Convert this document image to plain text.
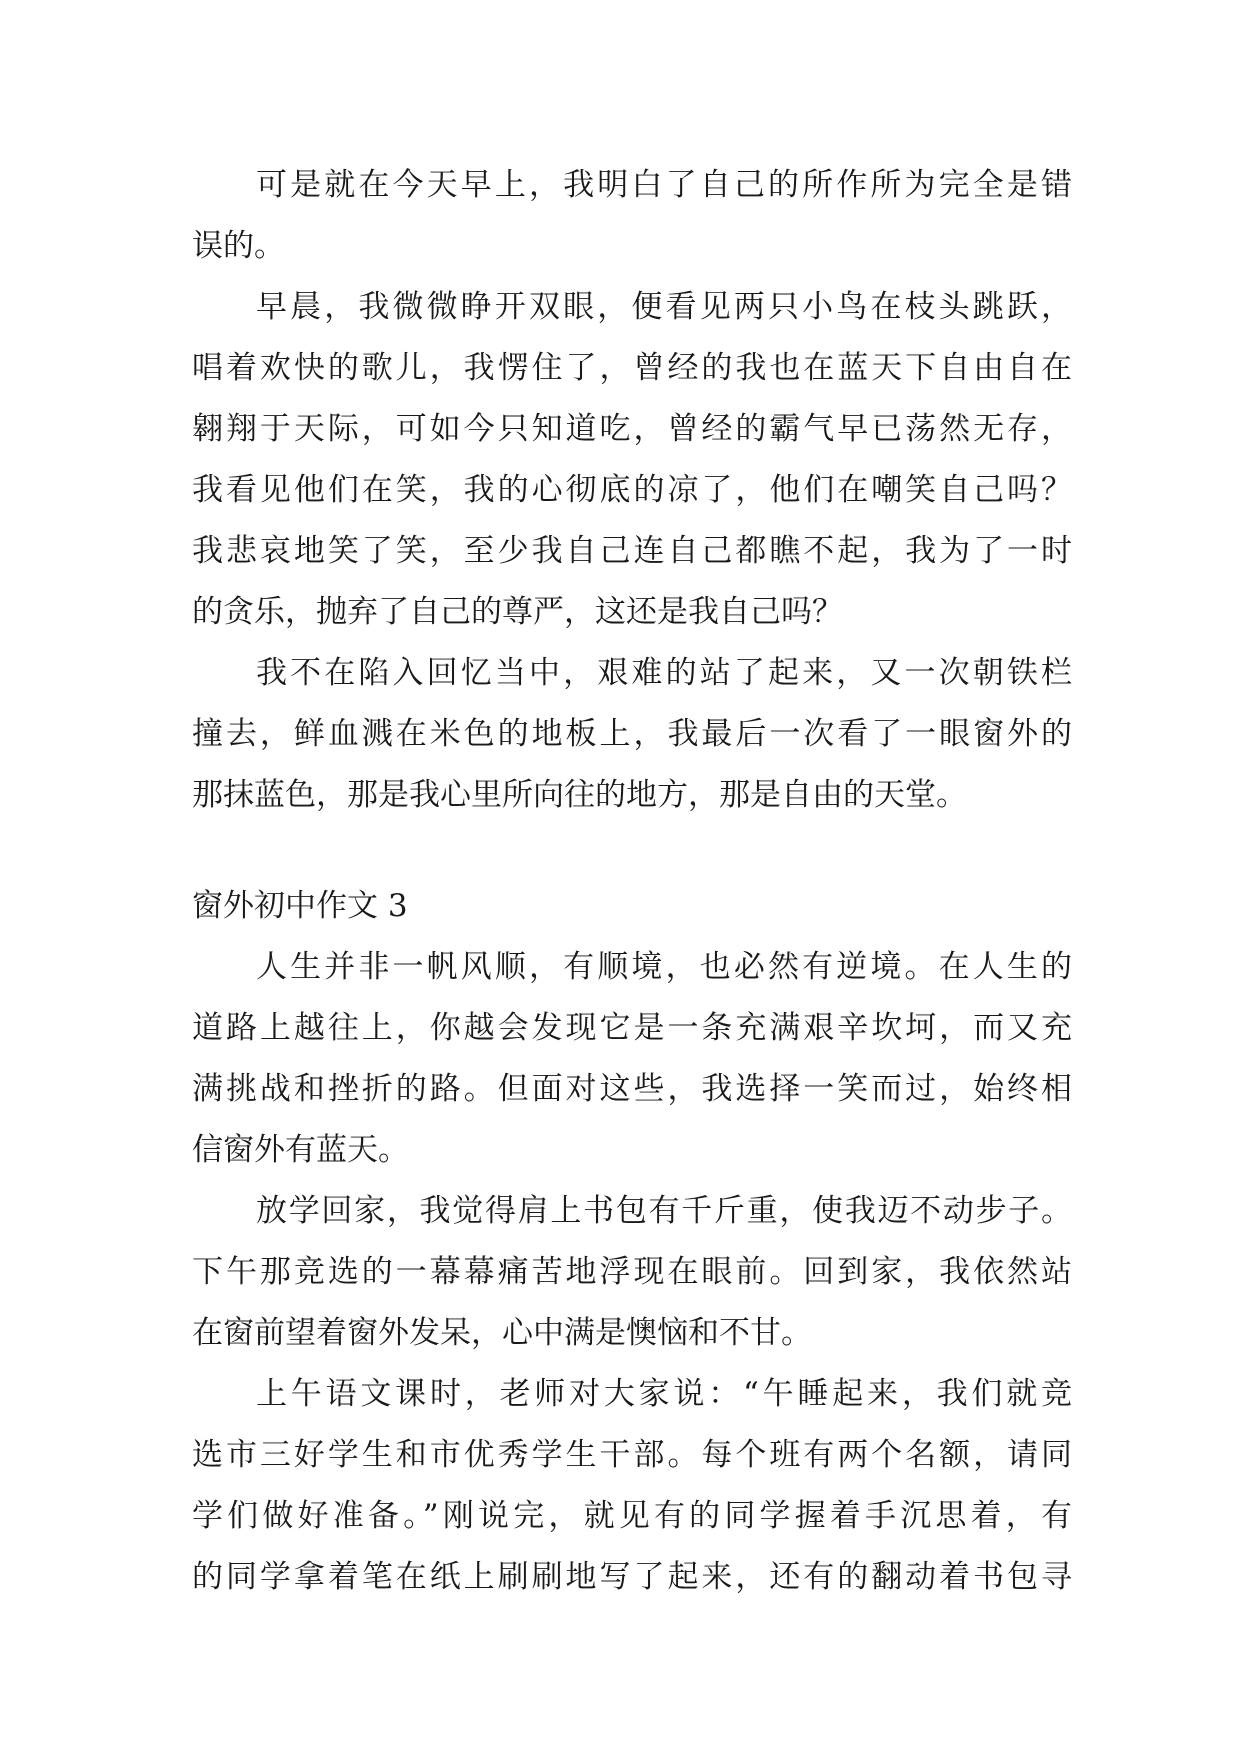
可是就在今天早上，我明白了自己的所作所为完全是错
误的。
早晨，我微微睁开双眼，便看见两只小鸟在枝头跳跃，
唱着欢快的歌儿，我愣住了，曾经的我也在蓝天下自由自在
翱翔于天际，可如今只知道吃，曾经的霸气早已荡然无存，
我看见他们在笑，我的心彻底的凉了，他们在嘲笑自己吗？
我悲哀地笑了笑，至少我自己连自己都瞧不起，我为了一时
的贪乐，抛弃了自己的尊严，这还是我自己吗？
我不在陷入回忆当中，艰难的站了起来，又一次朝铁栏
撞去，鲜血溅在米色的地板上，我最后一次看了一眼窗外的
那抹蓝色，那是我心里所向往的地方，那是自由的天堂。
窗外初中作文 3
人生并非一帆风顺，有顺境，也必然有逆境。在人生的
道路上越往上，你越会发现它是一条充满艰辛坎坷，而又充
满挑战和挫折的路。但面对这些，我选择一笑而过，始终相
信窗外有蓝天。
放学回家，我觉得肩上书包有千斤重，使我迈不动步子。
下午那竞选的一幕幕痛苦地浮现在眼前。回到家，我依然站
在窗前望着窗外发呆，心中满是懊恼和不甘。
上午语文课时，老师对大家说：“午睡起来，我们就竞
选市三好学生和市优秀学生干部。每个班有两个名额，请同
学们做好准备。”刚说完，就见有的同学握着手沉思着，有
的同学拿着笔在纸上刷刷地写了起来，还有的翻动着书包寻
